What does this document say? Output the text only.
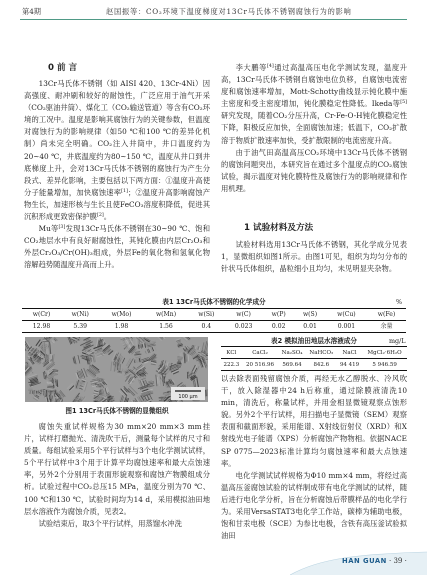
第4期	赵国振等：CO₂环境下温度梯度对13Cr马氏体不锈钢腐蚀行为的影响
0 前 言

13Cr马氏体不锈钢（如 AISI 420、13Cr-4Ni）因高强度、耐冲刷和较好的耐蚀性，广泛应用于油气开采（CO₂驱油井筒）、煤化工（CO₂输送管道）等含有CO₂环境的工况中。温度是影响其腐蚀行为的关键参数，但温度对腐蚀行为的影响规律（如50 ℃和100 ℃的差异化机制）尚未完全明确。CO₂注入井筒中，井口温度约为20~40 ℃，井底温度约为80~150 ℃，温度从井口到井底梯度上升，会对13Cr马氏体不锈钢的腐蚀行为产生分段式、差异化影响，主要包括以下两方面：①温度升高使分子能量增加，加快腐蚀速率[1]；②温度升高影响腐蚀产物生长，加速形核与生长且使FeCO₃溶度积降低，促进其沉积形成更致密保护膜[2]。

Mu等[3]发现13Cr马氏体不锈钢在30~90 ℃、饱和CO₂地层水中有良好耐腐蚀性，其钝化膜由内层Cr₂O₃和外层Cr₂O₃/Cr(OH)₃组成，外层Fe的氧化物和氢氧化物溶解趋势随温度升高而上升。

李大鹏等[4]通过高温高压电化学测试发现，温度升高，13Cr马氏体不锈钢自腐蚀电位负移，自腐蚀电流密度和腐蚀速率增加，Mott-Schotty曲线显示钝化膜中施主密度和受主密度增加，钝化膜稳定性降低。Ikeda等[5]研究发现，随着CO₂分压升高，Cr-Fe-O-H钝化膜稳定性下降，阳极反应加快，全面腐蚀加速；低温下，CO₂扩散溶于物质扩散速率加快，受扩散限制的电流密度升高。

由于油气田高温高压CO₂环境中13Cr马氏体不锈钢的腐蚀问题突出，本研究旨在通过多个温度点的CO₂腐蚀试验，揭示温度对钝化膜特性及腐蚀行为的影响规律和作用机理。

1 试验材料及方法

试验材料选用13Cr马氏体不锈钢，其化学成分见表1，显微组织如图1所示。由图1可见，组织为均匀分布的针状马氏体组织，晶粒细小且均匀，未见明显夹杂物。

表1 13Cr马氏体不锈钢的化学成分	%
w(Cr)	w(Ni)	w(Mo)	w(Mn)	w(Si)	w(C)	w(P)	w(S)	w(Cu)	w(Fe)
12.98	5.39	1.98	1.56	0.4	0.023	0.02	0.01	0.001	余量
100 μm
图1 13Cr马氏体不锈钢的显微组织
表2 模拟油田地层水溶液成分	mg/L
KCl	CaCl₂	Na₂SO₄	NaHCO₃	NaCl	MgCl₂·6H₂O
222.3	20 516.96	569.64	842.6	94 419	5 946.59

腐蚀失重试样规格为30 mm×20 mm×3 mm挂片，试样打磨抛光、清洗吹干后，测量每个试样的尺寸和质量。每组试验采用5个平行试样与3个电化学测试试样，5个平行试样中3个用于计算平均腐蚀速率和最大点蚀速率，另外2个分别用于表面形貌观察和腐蚀产物膜组成分析。试验过程中CO₂总压15 MPa，温度分别为70 ℃、100 ℃和130 ℃，试验时间均为14 d，采用模拟油田地层水溶液作为腐蚀介质，见表2。

试验结束后，取3个平行试样，用蒸馏水冲洗

以去除表面残留腐蚀介质，再经无水乙醇脱水、冷风吹干，放入除湿器中24 h后称重，通过除膜液清洗10 min，清洗后，称量试样，并用金相显微镜观察点蚀形貌。另外2个平行试样，用扫描电子显微镜（SEM）观察表面和截面形貌，采用能谱、X射线衍射仪（XRD）和X射线光电子能谱（XPS）分析腐蚀产物物相。依据NACE SP 0775—2023标准计算均匀腐蚀速率和最大点蚀速率。

电化学测试试样规格为Φ10 mm×4 mm，将经过高温高压釜腐蚀试验的试样制成带有电化学测试的试样，随后进行电化学分析，旨在分析腐蚀后带膜样品的电化学行为。采用VersaSTAT3电化学工作站，碳棒为辅助电极，饱和甘汞电极（SCE）为参比电极，含铁有高压釜试验拟油田

HAN GUAN · 39 ·
